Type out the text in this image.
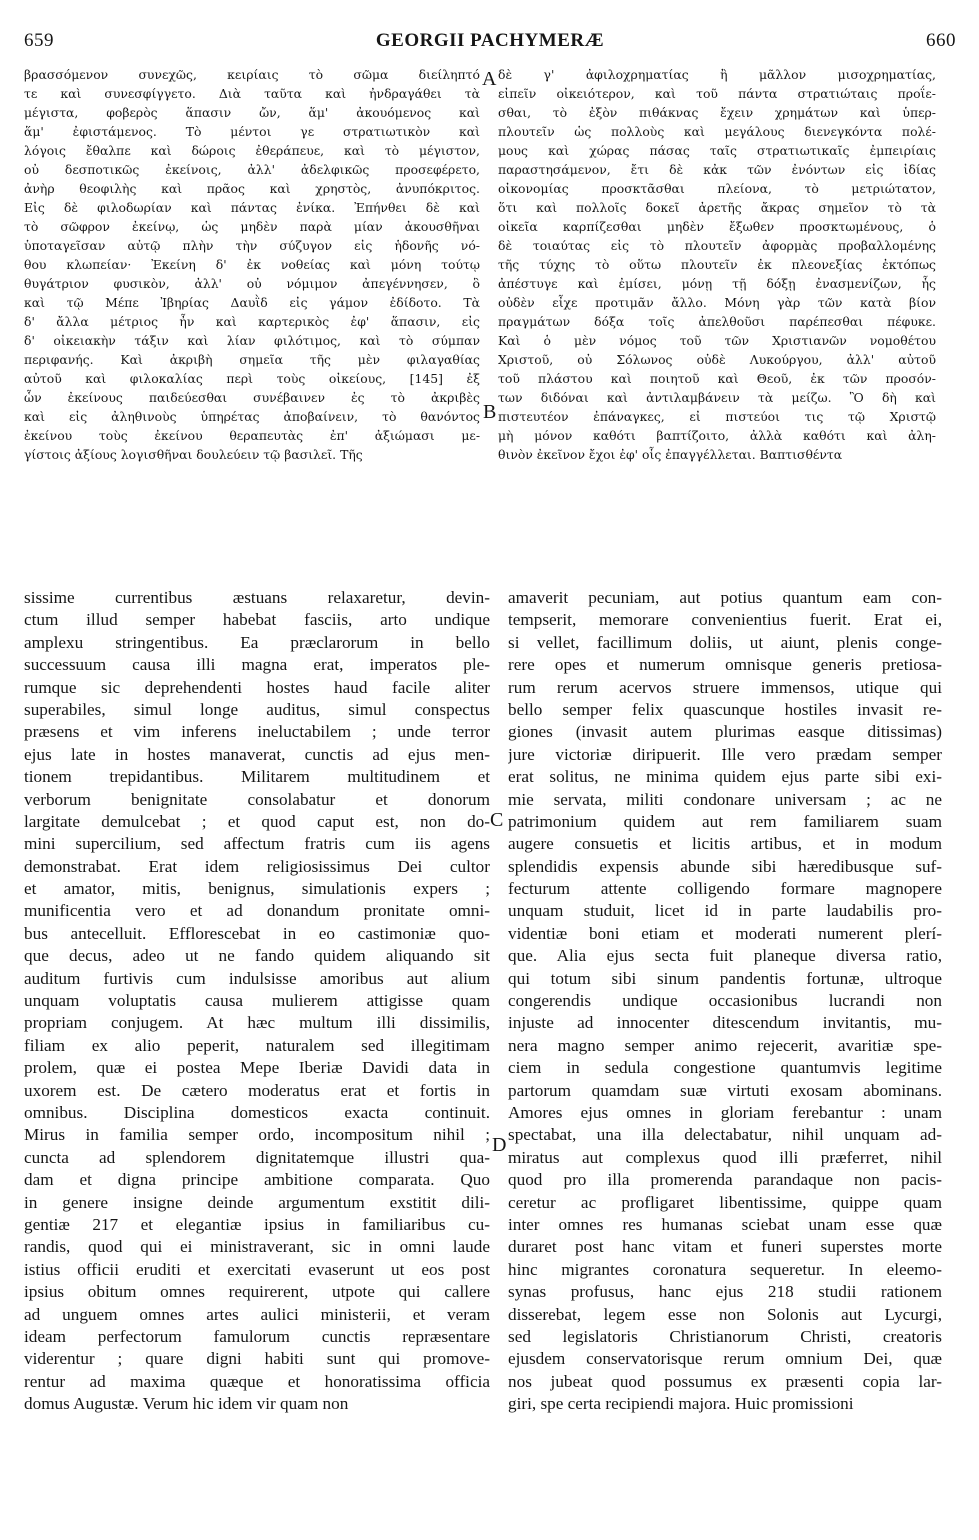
659	GEORGII PACHYMERÆ	660
βρασσόμενον συνεχῶς, κειρίαις τὸ σῶμα διείληπτό
τε καὶ συνεσφίγγετο. Διὰ ταῦτα καὶ ἠνδραγάθει τὰ
μέγιστα, φοβερὸς ἅπασιν ὤν, ἅμ' ἀκουόμενος καὶ
ἅμ' ἐφιστάμενος. Τὸ μέντοι γε στρατιωτικὸν καὶ
λόγοις ἔθαλπε καὶ δώροις ἐθεράπευε, καὶ τὸ μέγιστον,
οὐ δεσποτικῶς ἐκείνοις, ἀλλ' ἀδελφικῶς προσεφέρετο,
ἀνὴρ θεοφιλὴς καὶ πρᾶος καὶ χρηστὸς, ἀνυπόκριτος.
Εἰς δὲ φιλοδωρίαν καὶ πάντας ἐνίκα. Ἐπήνθει δὲ καὶ
τὸ σῶφρον ἐκείνῳ, ὡς μηδὲν παρὰ μίαν ἀκουσθῆναι
ὑποταγεῖσαν αὐτῷ πλὴν τὴν σύζυγον εἰς ἡδονῆς νό-
θου κλωπείαν· Ἐκείνη δ' ἐκ νοθείας καὶ μόνη τούτῳ
θυγάτριον φυσικὸν, ἀλλ' οὐ νόμιμον ἀπεγέννησεν, ὃ
καὶ τῷ Μέπε Ἰβηρίας Δαυῒδ εἰς γάμον ἐδίδοτο. Τὰ
δ' ἄλλα μέτριος ἦν καὶ καρτερικὸς ἐφ' ἅπασιν, εἰς
δ' οἰκειακὴν τάξιν καὶ λίαν φιλότιμος, καὶ τὸ σύμπαν
περιφανής. Καὶ ἀκριβὴ σημεῖα τῆς μὲν φιλαγαθίας
αὐτοῦ καὶ φιλοκαλίας περὶ τοὺς οἰκείους, [145] ἐξ
ὧν ἐκείνους παιδεύεσθαι συνέβαινεν ἐς τὸ ἀκριβὲς
καὶ εἰς ἀληθινοὺς ὑπηρέτας ἀποβαίνειν, τὸ θανόντος
ἐκείνου τοὺς ἐκείνου θεραπευτὰς ἐπ' ἀξιώμασι με-
γίστοις ἀξίους λογισθῆναι δουλεύειν τῷ βασιλεῖ. Τῆς
δὲ γ' ἀφιλοχρηματίας ἢ μᾶλλον μισοχρηματίας,
εἰπεῖν οἰκειότερον, καὶ τοῦ πάντα στρατιώταις προΐε-
σθαι, τὸ ἐξὸν πιθάκνας ἔχειν χρημάτων καὶ ὑπερ-
πλουτεῖν ὡς πολλοὺς καὶ μεγάλους διενεγκόντα πολέ-
μους καὶ χώρας πάσας ταῖς στρατιωτικαῖς ἐμπειρίαις
παραστησάμενον, ἔτι δὲ κἀκ τῶν ἐνόντων εἰς ἰδίας
οἰκονομίας προσκτᾶσθαι πλείονα, τὸ μετριώτατον,
ὅτι καὶ πολλοῖς δοκεῖ ἀρετῆς ἄκρας σημεῖον τὸ τὰ
οἰκεῖα καρπίζεσθαι μηδὲν ἔξωθεν προσκτωμένους, ὁ
δὲ τοιαύτας εἰς τὸ πλουτεῖν ἀφορμὰς προβαλλομένης
τῆς τύχης τὸ οὕτω πλουτεῖν ἐκ πλεονεξίας ἐκτόπως
ἀπέστυγε καὶ ἐμίσει, μόνῃ τῇ δόξῃ ἐνασμενίζων, ἧς
οὐδὲν εἶχε προτιμᾶν ἄλλο. Μόνη γὰρ τῶν κατὰ βίον
πραγμάτων δόξα τοῖς ἀπελθοῦσι παρέπεσθαι πέφυκε.
Καὶ ὁ μὲν νόμος τοῦ τῶν Χριστιανῶν νομοθέτου
Χριστοῦ, οὐ Σόλωνος οὐδὲ Λυκούργου, ἀλλ' αὐτοῦ
τοῦ πλάστου καὶ ποιητοῦ καὶ Θεοῦ, ἐκ τῶν προσόν-
των διδόναι καὶ ἀντιλαμβάνειν τὰ μείζω. Ὃ δὴ καὶ
πιστευτέον ἐπάναγκες, εἰ πιστεύοι τις τῷ Χριστῷ
μὴ μόνον καθότι βαπτίζοιτο, ἀλλὰ καθότι καὶ ἀλη-
θινὸν ἐκεῖνον ἔχοι ἐφ' οἷς ἐπαγγέλλεται. Βαπτισθέντα
sissime currentibus æstuans relaxaretur, devin-
ctum illud semper habebat fasciis, arto undique
amplexu stringentibus. Ea præclarorum in bello
successuum causa illi magna erat, imperatos ple-
rumque sic deprehendenti hostes haud facile aliter
superabiles, simul longe auditus, simul conspectus
præsens et vim inferens ineluctabilem ; unde terror
ejus late in hostes manaverat, cunctis ad ejus men-
tionem trepidantibus. Militarem multitudinem et
verborum benignitate consolabatur et donorum
largitate demulcebat ; et quod caput est, non do-
mini supercilium, sed affectum fratris cum iis agens
demonstrabat. Erat idem religiosissimus Dei cultor
et amator, mitis, benignus, simulationis expers ;
munificentia vero et ad donandum pronitate omni-
bus antecelluit. Efflorescebat in eo castimoniæ quo-
que decus, adeo ut ne fando quidem aliquando sit
auditum furtivis cum indulsisse amoribus aut alium
unquam voluptatis causa mulierem attigisse quam
propriam conjugem. At hæc multum illi dissimilis,
filiam ex alio peperit, naturalem sed illegitimam
prolem, quæ ei postea Mepe Iberiæ Davidi data in
uxorem est. De cætero moderatus erat et fortis in
omnibus. Disciplina domesticos exacta continuit.
Mirus in familia semper ordo, incompositum nihil ;
cuncta ad splendorem dignitatemque illustri qua-
dam et digna principe ambitione comparata. Quo
in genere insigne deinde argumentum exstitit dili-
gentiæ 217 et elegantiæ ipsius in familiaribus cu-
randis, quod qui ei ministraverant, sic in omni laude
istius officii eruditi et exercitati evaserunt ut eos post
ipsius obitum omnes requirerent, utpote qui callere
ad unguem omnes artes aulici ministerii, et veram
ideam perfectorum famulorum cunctis repræsentare
viderentur ; quare digni habiti sunt qui promove-
rentur ad maxima quæque et honoratissima officia
domus Augustæ. Verum hic idem vir quam non
amaverit pecuniam, aut potius quantum eam con-
tempserit, memorare convenientius fuerit. Erat ei,
si vellet, facillimum doliis, ut aiunt, plenis conge-
rere opes et numerum omnisque generis pretiosa-
rum rerum acervos struere immensos, utique qui
bello semper felix quascunque hostiles invasit re-
giones (invasit autem plurimas easque ditissimas)
jure victoriæ diripuerit. Ille vero prædam semper
erat solitus, ne minima quidem ejus parte sibi exi-
mie servata, militi condonare universam ; ac ne
patrimonium quidem aut rem familiarem suam
augere consuetis et licitis artibus, et in modum
splendidis expensis abunde sibi hæredibusque suf-
fecturum attente colligendo formare magnopere
unquam studuit, licet id in parte laudabilis pro-
videntiæ boni etiam et moderati numerent plerí-
que. Alia ejus secta fuit planeque diversa ratio,
qui totum sibi sinum pandentis fortunæ, ultroque
congerendis undique occasionibus lucrandi non
injuste ad innocenter ditescendum invitantis, mu-
nera magno semper animo rejecerit, avaritiæ spe-
ciem in sedula congestione quantumvis legitime
partorum quamdam suæ virtuti exosam abominans.
Amores ejus omnes in gloriam ferebantur : unam
spectabat, una illa delectabatur, nihil unquam ad-
miratus aut complexus quod illi præferret, nihil
quod pro illa promerenda parandaque non pacis-
ceretur ac profligaret libentissime, quippe quam
inter omnes res humanas sciebat unam esse quæ
duraret post hanc vitam et funeri superstes morte
hinc migrantes coronatura sequeretur. In eleemo-
synas profusus, hanc ejus 218 studii rationem
disserebat, legem esse non Solonis aut Lycurgi,
sed legislatoris Christianorum Christi, creatoris
ejusdem conservatorisque rerum omnium Dei, quæ
nos jubeat quod possumus ex præsenti copia lar-
giri, spe certa recipiendi majora. Huic promissioni
A
B
C
D
